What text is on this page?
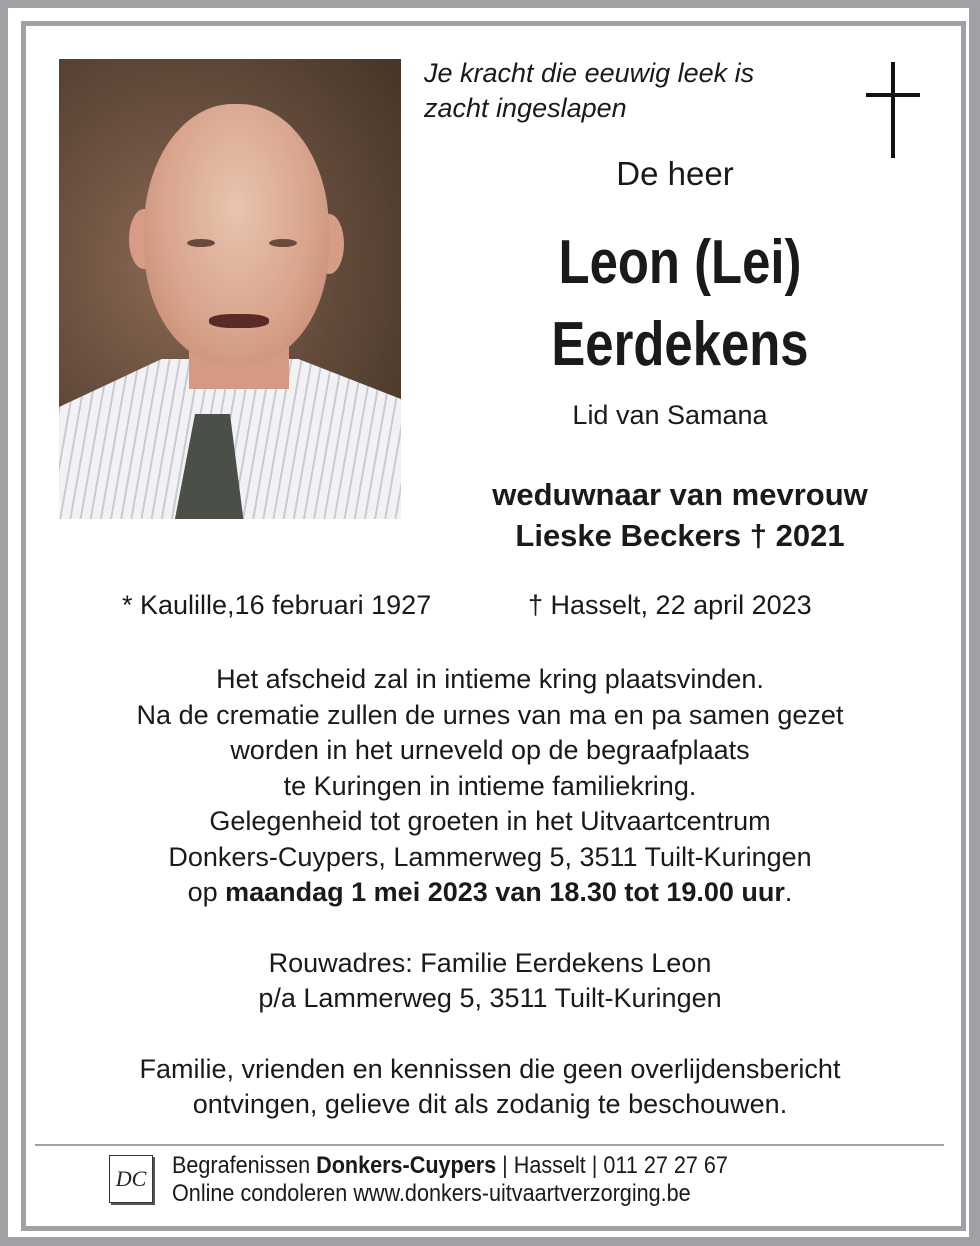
Je kracht die eeuwig leek is
zacht ingeslapen
De heer
Leon (Lei)
Eerdekens
Lid van Samana
weduwnaar van mevrouw
Lieske Beckers † 2021
* Kaulille,16 februari 1927	† Hasselt, 22 april 2023
Het afscheid zal in intieme kring plaatsvinden.
Na de crematie zullen de urnes van ma en pa samen gezet
worden in het urneveld op de begraafplaats
te Kuringen in intieme familiekring.
Gelegenheid tot groeten in het Uitvaartcentrum
Donkers-Cuypers, Lammerweg 5, 3511 Tuilt-Kuringen
op maandag 1 mei 2023 van 18.30 tot 19.00 uur.
Rouwadres: Familie Eerdekens Leon
p/a Lammerweg 5, 3511 Tuilt-Kuringen
Familie, vrienden en kennissen die geen overlijdensbericht
ontvingen, gelieve dit als zodanig te beschouwen.
DC Begrafenissen Donkers-Cuypers | Hasselt | 011 27 27 67
Online condoleren www.donkers-uitvaartverzorging.be
